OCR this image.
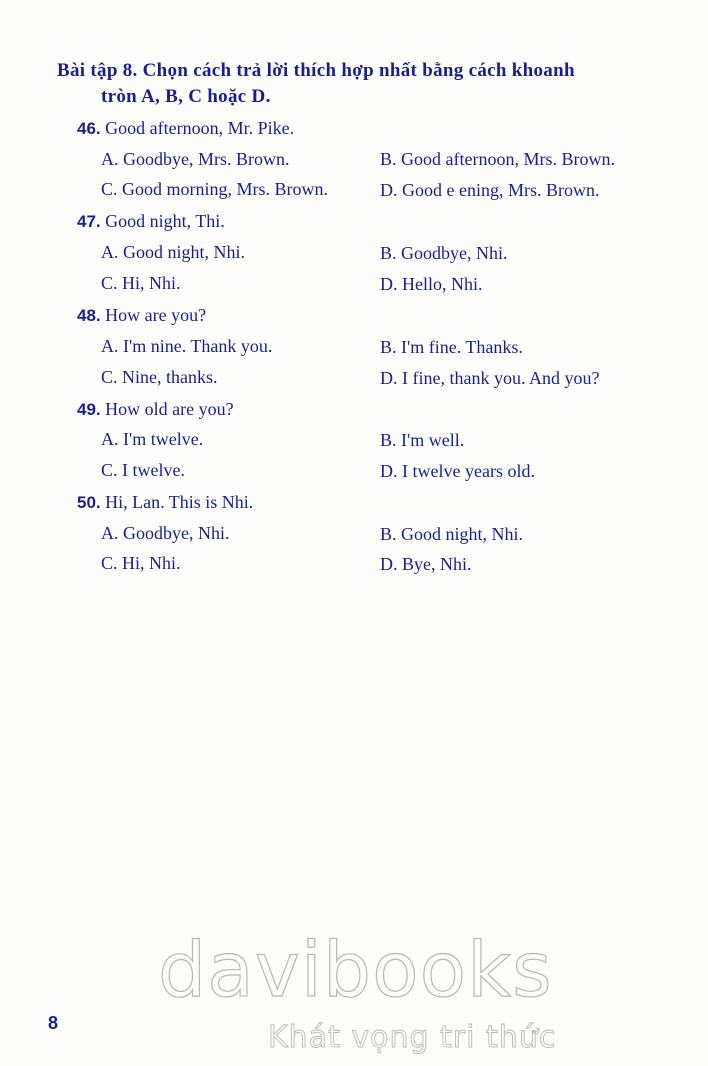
Bài tập 8. Chọn cách trả lời thích hợp nhất bằng cách khoanh
tròn A, B, C hoặc D.
46. Good afternoon, Mr. Pike.
A. Goodbye, Mrs. Brown.	B. Good afternoon, Mrs. Brown.
C. Good morning, Mrs. Brown.	D. Good e ening, Mrs. Brown.
47. Good night, Thi.
A. Good night, Nhi.	B. Goodbye, Nhi.
C. Hi, Nhi.	D. Hello, Nhi.
48. How are you?
A. I'm nine. Thank you.	B. I'm fine. Thanks.
C. Nine, thanks.	D. I fine, thank you. And you?
49. How old are you?
A. I'm twelve.	B. I'm well.
C. I twelve.	D. I twelve years old.
50. Hi, Lan. This is Nhi.
A. Goodbye, Nhi.	B. Good night, Nhi.
C. Hi, Nhi.	D. Bye, Nhi.
8
davibooks
Khát vọng tri thức
